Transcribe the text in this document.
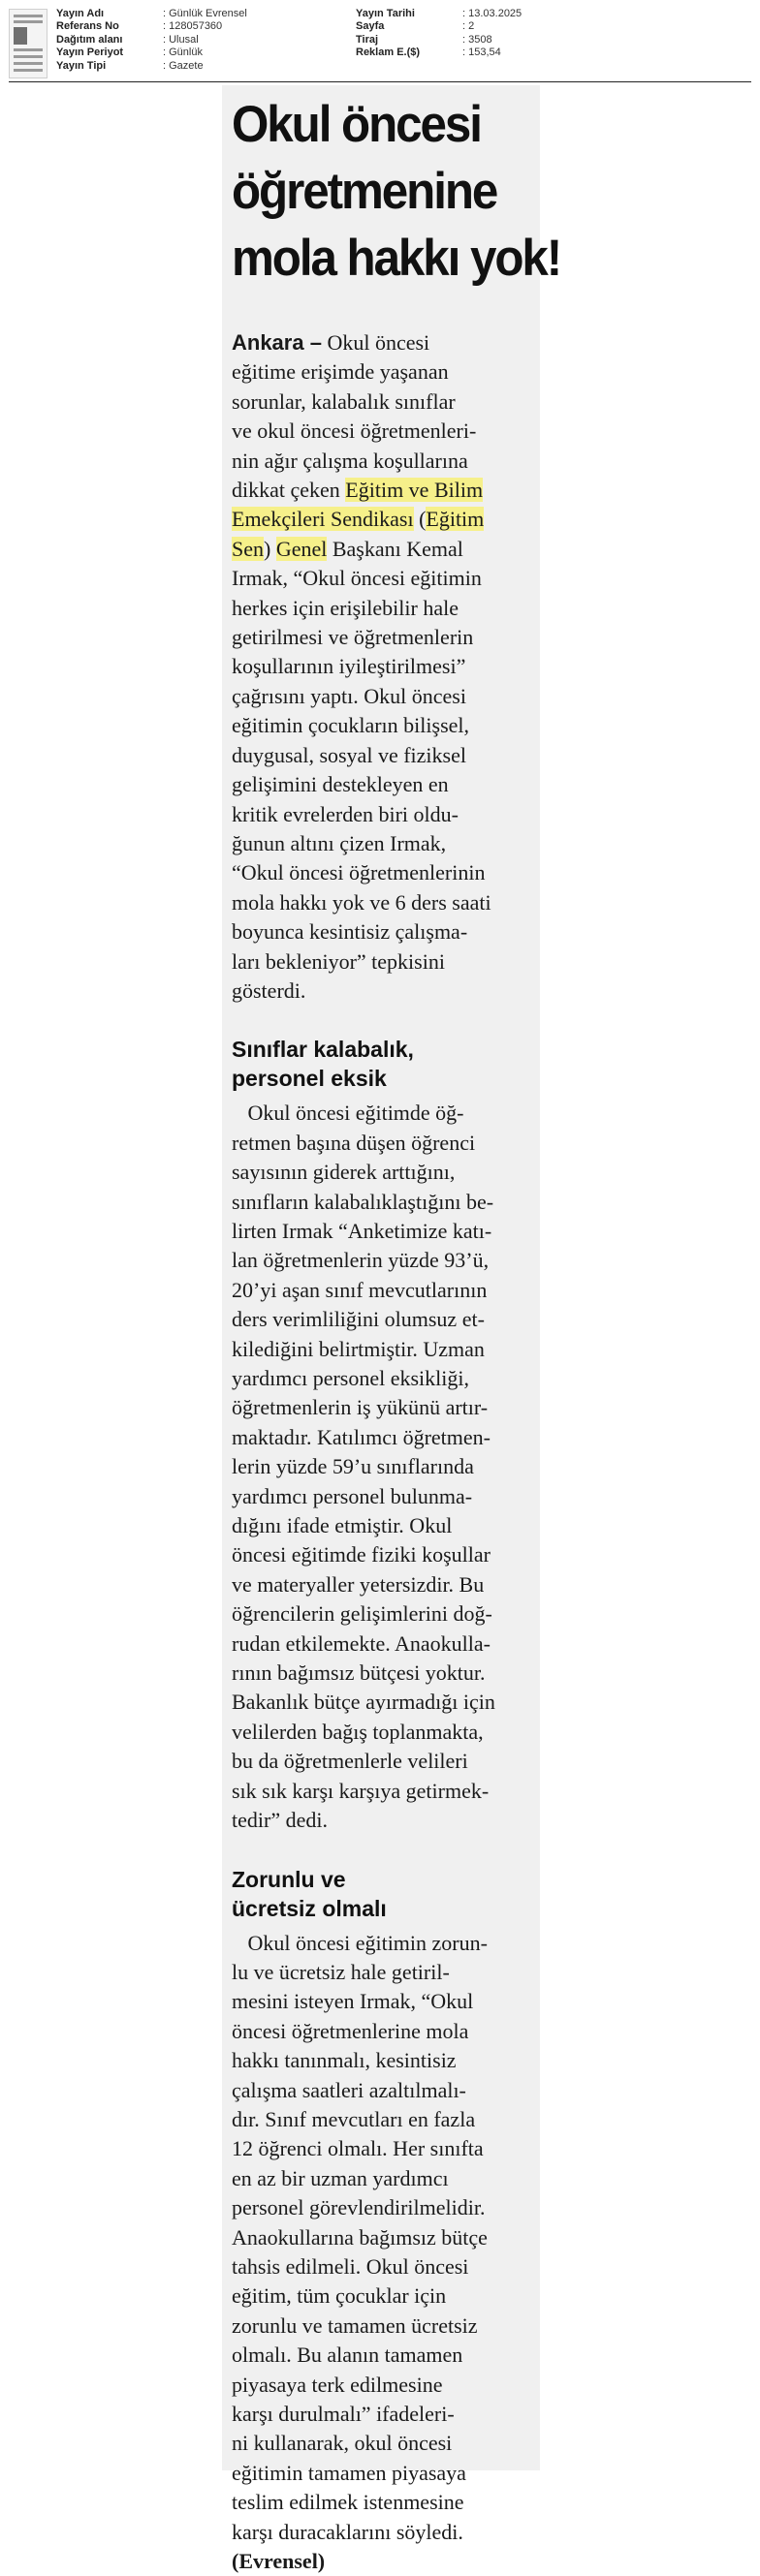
Yayın Adı	: Günlük Evrensel
Referans No	: 128057360
Dağıtım alanı	: Ulusal
Yayın Periyot	: Günlük
Yayın Tipi	: Gazete
Yayın Tarihi	: 13.03.2025
Sayfa	: 2
Tiraj	: 3508
Reklam E.($)	: 153,54
Okul öncesi
öğretmenine
mola hakkı yok!
Ankara – Okul öncesi
eğitime erişimde yaşanan
sorunlar, kalabalık sınıflar
ve okul öncesi öğretmenleri-
nin ağır çalışma koşullarına
dikkat çeken Eğitim ve Bilim
Emekçileri Sendikası (Eğitim
Sen) Genel Başkanı Kemal
Irmak, “Okul öncesi eğitimin
herkes için erişilebilir hale
getirilmesi ve öğretmenlerin
koşullarının iyileştirilmesi”
çağrısını yaptı. Okul öncesi
eğitimin çocukların bilişsel,
duygusal, sosyal ve fiziksel
gelişimini destekleyen en
kritik evrelerden biri oldu-
ğunun altını çizen Irmak,
“Okul öncesi öğretmenlerinin
mola hakkı yok ve 6 ders saati
boyunca kesintisiz çalışma-
ları bekleniyor” tepkisini
gösterdi.
Sınıflar kalabalık,
personel eksik
Okul öncesi eğitimde öğ-
retmen başına düşen öğrenci
sayısının giderek arttığını,
sınıfların kalabalıklaştığını be-
lirten Irmak “Anketimize katı-
lan öğretmenlerin yüzde 93’ü,
20’yi aşan sınıf mevcutlarının
ders verimliliğini olumsuz et-
kilediğini belirtmiştir. Uzman
yardımcı personel eksikliği,
öğretmenlerin iş yükünü artır-
maktadır. Katılımcı öğretmen-
lerin yüzde 59’u sınıflarında
yardımcı personel bulunma-
dığını ifade etmiştir. Okul
öncesi eğitimde fiziki koşullar
ve materyaller yetersizdir. Bu
öğrencilerin gelişimlerini doğ-
rudan etkilemekte. Anaokulla-
rının bağımsız bütçesi yoktur.
Bakanlık bütçe ayırmadığı için
velilerden bağış toplanmakta,
bu da öğretmenlerle velileri
sık sık karşı karşıya getirmek-
tedir” dedi.
Zorunlu ve
ücretsiz olmalı
Okul öncesi eğitimin zorun-
lu ve ücretsiz hale getiril-
mesini isteyen Irmak, “Okul
öncesi öğretmenlerine mola
hakkı tanınmalı, kesintisiz
çalışma saatleri azaltılmalı-
dır. Sınıf mevcutları en fazla
12 öğrenci olmalı. Her sınıfta
en az bir uzman yardımcı
personel görevlendirilmelidir.
Anaokullarına bağımsız bütçe
tahsis edilmeli. Okul öncesi
eğitim, tüm çocuklar için
zorunlu ve tamamen ücretsiz
olmalı. Bu alanın tamamen
piyasaya terk edilmesine
karşı durulmalı” ifadeleri-
ni kullanarak, okul öncesi
eğitimin tamamen piyasaya
teslim edilmek istenmesine
karşı duracaklarını söyledi.
(Evrensel)
